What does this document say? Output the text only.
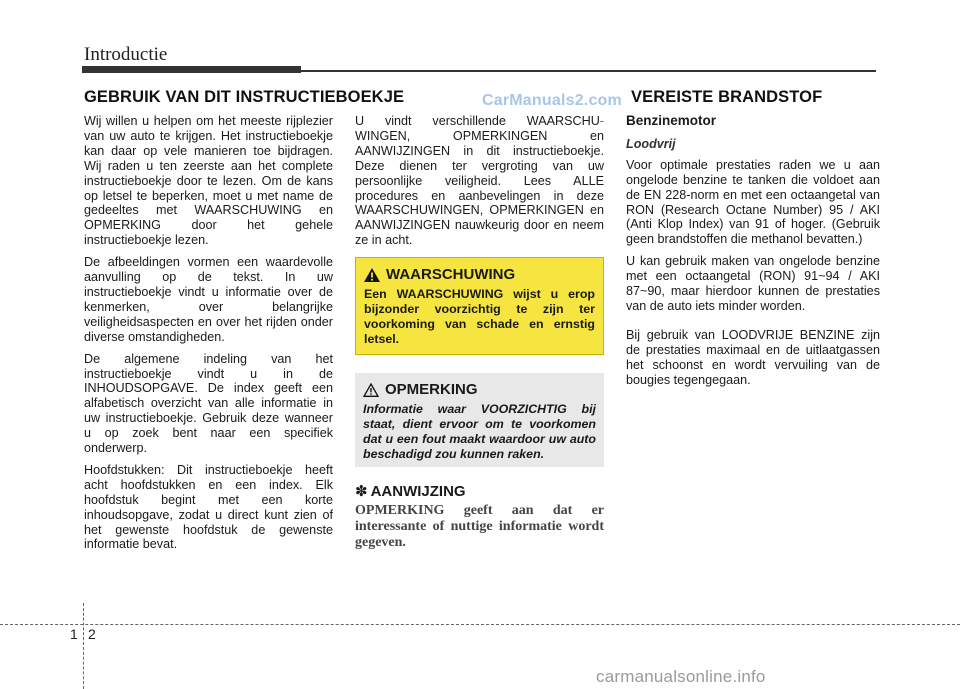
Introductie
GEBRUIK VAN DIT INSTRUCTIEBOEKJE	CarManuals2.com VEREISTE BRANDSTOF

Wij willen u helpen om het meeste rijplezier van uw auto te krijgen. Het instructieboekje kan daar op vele manieren toe bijdragen. Wij raden u ten zeerste aan het complete instructieboekje door te lezen. Om de kans op letsel te beperken, moet u met name de gedeeltes met WAARSCHUWING en OPMERKING door het gehele instructieboekje lezen.

De afbeeldingen vormen een waardevolle aanvulling op de tekst. In uw instructieboekje vindt u informatie over de kenmerken, over belangrijke veiligheidsaspecten en over het rijden onder diverse omstandigheden.

De algemene indeling van het instructieboekje vindt u in de INHOUDSOPGAVE. De index geeft een alfabetisch overzicht van alle informatie in uw instructieboekje. Gebruik deze wanneer u op zoek bent naar een specifiek onderwerp.

Hoofdstukken: Dit instructieboekje heeft acht hoofdstukken en een index. Elk hoofdstuk begint met een korte inhoudsopgave, zodat u direct kunt zien of het gewenste hoofdstuk de gewenste informatie bevat.

U vindt verschillende WAARSCHU- WINGEN, OPMERKINGEN en AANWIJZINGEN in dit instructieboekje. Deze dienen ter vergroting van uw persoonlijke veiligheid. Lees ALLE procedures en aanbevelingen in deze WAARSCHUWINGEN, OPMERKINGEN en AANWIJZINGEN nauwkeurig door en neem ze in acht.

WAARSCHUWING
Een WAARSCHUWING wijst u erop bijzonder voorzichtig te zijn ter voorkoming van schade en ernstig letsel.
OPMERKING
Informatie waar VOORZICHTIG bij staat, dient ervoor om te voorkomen dat u een fout maakt waardoor uw auto beschadigd zou kunnen raken.
✽ AANWIJZING
OPMERKING geeft aan dat er interessante of nuttige informatie wordt gegeven.
Benzinemotor
Loodvrij

Voor optimale prestaties raden we u aan ongelode benzine te tanken die voldoet aan de EN 228-norm en met een octaangetal van RON (Research Octane Number) 95 / AKI (Anti Klop Index) van 91 of hoger. (Gebruik geen brandstoffen die methanol bevatten.)

U kan gebruik maken van ongelode benzine met een octaangetal (RON) 91~94 / AKI 87~90, maar hierdoor kunnen de prestaties van de auto iets minder worden.

Bij gebruik van LOODVRIJE BENZINE zijn de prestaties maximaal en de uitlaatgassen het schoonst en wordt vervuiling van de bougies tegengegaan.

1 2
carmanualsonline.info
